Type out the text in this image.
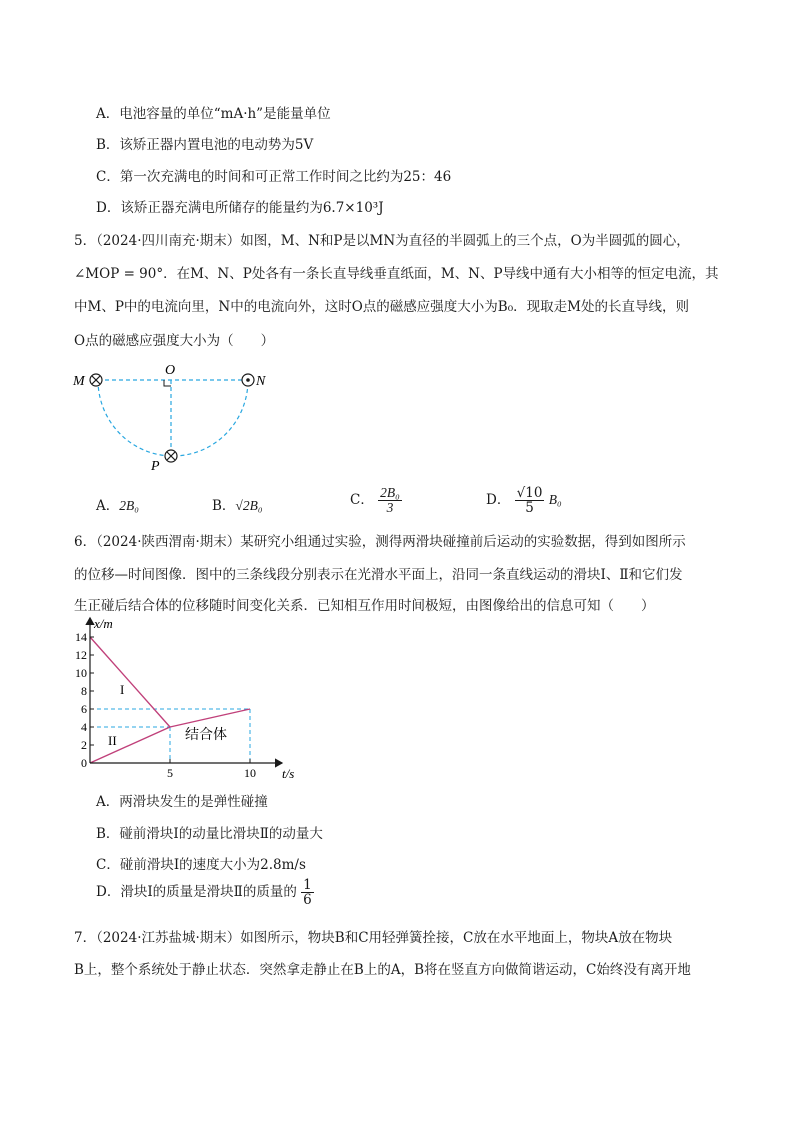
A．电池容量的单位“mA·h”是能量单位
B．该矫正器内置电池的电动势为5V
C．第一次充满电的时间和可正常工作时间之比约为25：46
D．该矫正器充满电所储存的能量约为6.7×10³J
5．（2024·四川南充·期末）如图，M、N和P是以MN为直径的半圆弧上的三个点，O为半圆弧的圆心，
∠MOP = 90°．在M、N、P处各有一条长直导线垂直纸面，M、N、P导线中通有大小相等的恒定电流，其
中M、P中的电流向里，N中的电流向外，这时O点的磁感应强度大小为B₀．现取走M处的长直导线，则
O点的磁感应强度大小为（　　）
M
O
N
P
A．2B₀	B．√2B₀	C． $\frac{\text{2B₀}}{3}$	D． $\frac{√10}{5} B_0$
6．（2024·陕西渭南·期末）某研究小组通过实验，测得两滑块碰撞前后运动的实验数据，得到如图所示
的位移—时间图像．图中的三条线段分别表示在光滑水平面上，沿同一条直线运动的滑块Ⅰ、Ⅱ和它们发
生正碰后结合体的位移随时间变化关系．已知相互作用时间极短，由图像给出的信息可知（　　）
0
2
4
6
8
10
12
14
5	10
x/m
t/s
I
II	结合体
A．两滑块发生的是弹性碰撞
B．碰前滑块Ⅰ的动量比滑块Ⅱ的动量大
C．碰前滑块Ⅰ的速度大小为2.8m/s
D．滑块Ⅰ的质量是滑块Ⅱ的质量的 $\frac{1}{6}$
7．（2024·江苏盐城·期末）如图所示，物块B和C用轻弹簧拴接，C放在水平地面上，物块A放在物块
B上，整个系统处于静止状态．突然拿走静止在B上的A，B将在竖直方向做简谐运动，C始终没有离开地
